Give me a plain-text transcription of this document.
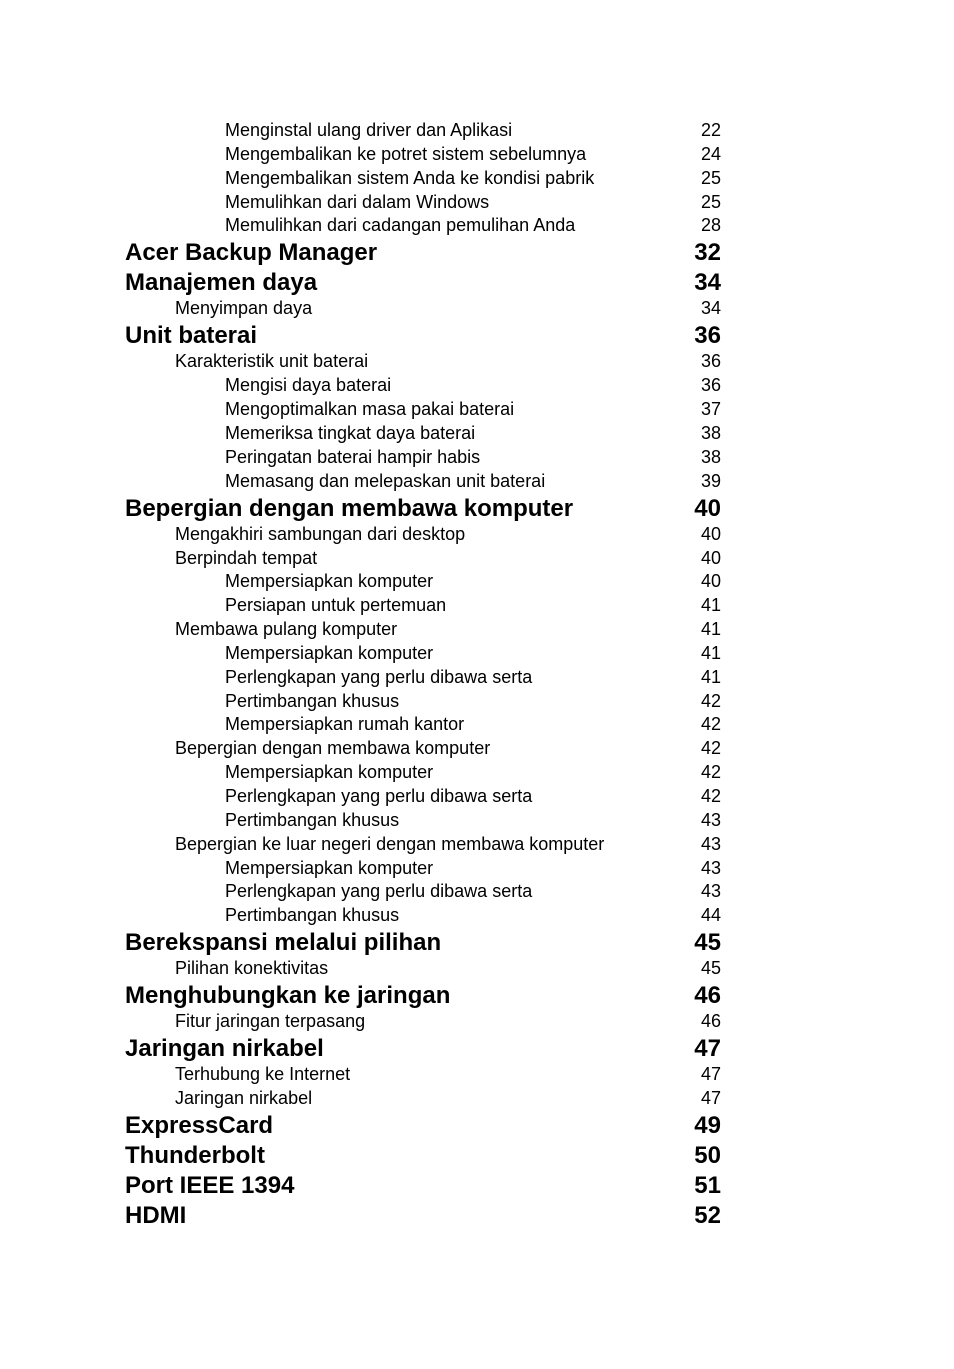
Menginstal ulang driver dan Aplikasi	22
Mengembalikan ke potret sistem sebelumnya	24
Mengembalikan sistem Anda ke kondisi pabrik	25
Memulihkan dari dalam Windows	25
Memulihkan dari cadangan pemulihan Anda	28
Acer Backup Manager	32
Manajemen daya	34
Menyimpan daya	34
Unit baterai	36
Karakteristik unit baterai	36
Mengisi daya baterai	36
Mengoptimalkan masa pakai baterai	37
Memeriksa tingkat daya baterai	38
Peringatan baterai hampir habis	38
Memasang dan melepaskan unit baterai	39
Bepergian dengan membawa komputer	40
Mengakhiri sambungan dari desktop	40
Berpindah tempat	40
Mempersiapkan komputer	40
Persiapan untuk pertemuan	41
Membawa pulang komputer	41
Mempersiapkan komputer	41
Perlengkapan yang perlu dibawa serta	41
Pertimbangan khusus	42
Mempersiapkan rumah kantor	42
Bepergian dengan membawa komputer	42
Mempersiapkan komputer	42
Perlengkapan yang perlu dibawa serta	42
Pertimbangan khusus	43
Bepergian ke luar negeri dengan membawa komputer	43
Mempersiapkan komputer	43
Perlengkapan yang perlu dibawa serta	43
Pertimbangan khusus	44
Berekspansi melalui pilihan	45
Pilihan konektivitas	45
Menghubungkan ke jaringan	46
Fitur jaringan terpasang	46
Jaringan nirkabel	47
Terhubung ke Internet	47
Jaringan nirkabel	47
ExpressCard	49
Thunderbolt	50
Port IEEE 1394	51
HDMI	52
